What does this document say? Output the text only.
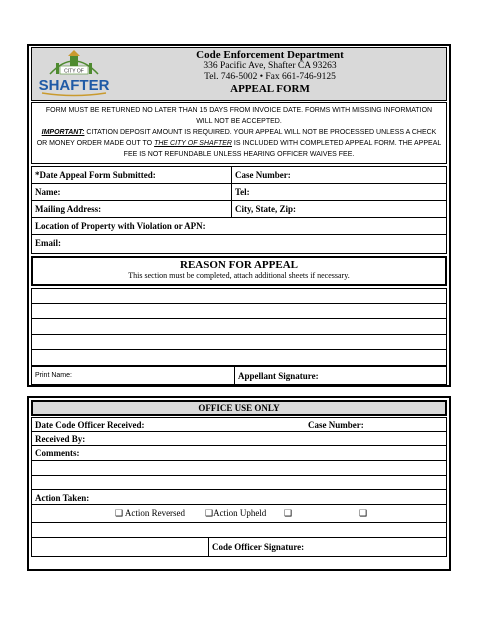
CITY OF
SHAFTER
Code Enforcement Department
336 Pacific Ave, Shafter CA 93263
Tel. 746-5002 • Fax 661-746-9125
APPEAL FORM
FORM MUST BE RETURNED NO LATER THAN 15 DAYS FROM INVOICE DATE. FORMS WITH MISSING INFORMATION
WILL NOT BE ACCEPTED.
IMPORTANT: CITATION DEPOSIT AMOUNT IS REQUIRED. YOUR APPEAL WILL NOT BE PROCESSED UNLESS A CHECK
OR MONEY ORDER MADE OUT TO THE CITY OF SHAFTER IS INCLUDED WITH COMPLETED APPEAL FORM. THE APPEAL
FEE IS NOT REFUNDABLE UNLESS HEARING OFFICER WAIVES FEE.
*Date Appeal Form Submitted:	Case Number:
Name:	Tel:
Mailing Address:	City, State, Zip:
Location of Property with Violation or APN:
Email:
REASON FOR APPEAL
This section must be completed, attach additional sheets if necessary.
Print Name:	Appellant Signature:
OFFICE USE ONLY
Date Code Officer Received:	Case Number:
Received By:
Comments:
Action Taken:
❑ Action Reversed ❑Action Upheld ❑	❑
Code Officer Signature:
